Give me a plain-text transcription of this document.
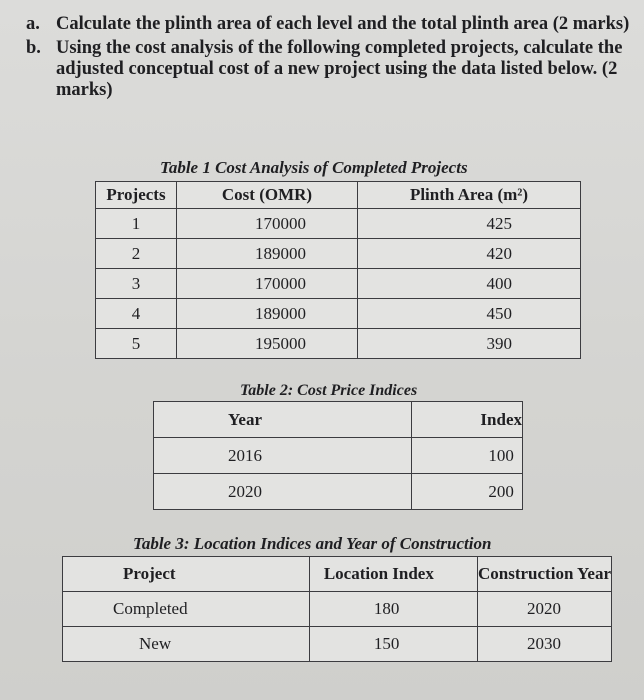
a. Calculate the plinth area of each level and the total plinth area (2 marks)
b. Using the cost analysis of the following completed projects, calculate the adjusted conceptual cost of a new project using the data listed below. (2 marks)
Table 1 Cost Analysis of Completed Projects
Projects	Cost (OMR)	Plinth Area (m²)
1	170000	425
2	189000	420
3	170000	400
4	189000	450
5	195000	390
Table 2: Cost Price Indices
Year	Index
2016	100
2020	200
Table 3: Location Indices and Year of Construction
Project	Location Index	Construction Year
Completed	180	2020
New	150	2030
